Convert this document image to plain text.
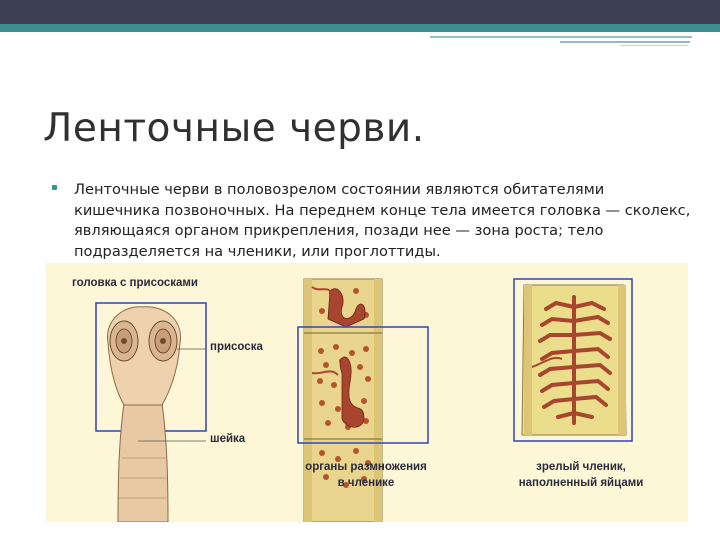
Ленточные черви.
Ленточные черви в половозрелом состоянии являются обитателями кишечника позвоночных. На переднем конце тела имеется головка — сколекс, являющаяся органом прикрепления, позади нее — зона роста; тело подразделяется на членики, или проглоттиды.
головка с присосками
присоска
шейка
органы размножения
в членике
зрелый членик,
наполненный яйцами
